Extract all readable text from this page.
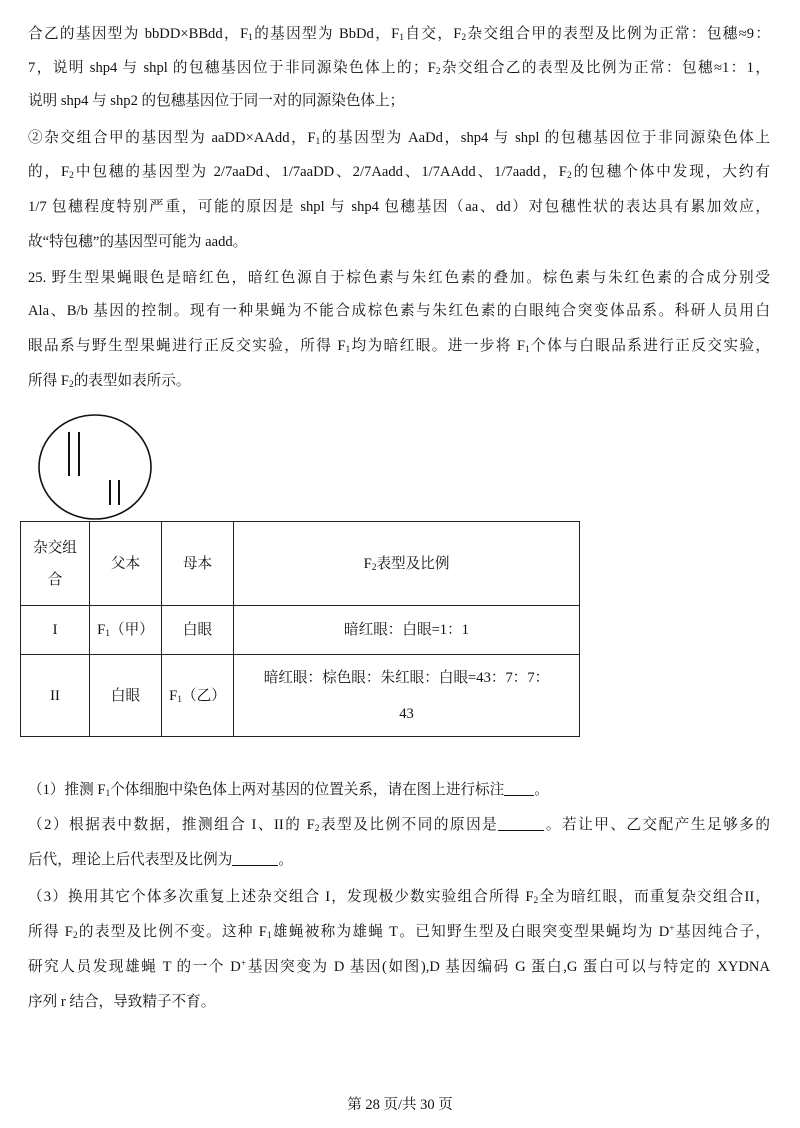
合乙的基因型为 bbDD×BBdd，$F_1$的基因型为 BbDd，$F_1$自交，$F_2$杂交组合甲的表型及比例为正常：包穗≈9：
7，说明 shp4 与 shpl 的包穗基因位于非同源染色体上的；$F_2$杂交组合乙的表型及比例为正常：包穗≈1：1，
说明 shp4 与 shp2 的包穗基因位于同一对的同源染色体上；
②杂交组合甲的基因型为 aaDD×AAdd，$F_1$的基因型为 AaDd，shp4 与 shpl 的包穗基因位于非同源染色体上
的，$F_2$中包穗的基因型为 2/7aaDd、1/7aaDD、2/7Aadd、1/7AAdd、1/7aadd，$F_2$的包穗个体中发现，大约有
1/7 包穗程度特别严重，可能的原因是 shpl 与 shp4 包穗基因（aa、dd）对包穗性状的表达具有累加效应，
故“特包穗”的基因型可能为 aadd。
25. 野生型果蝇眼色是暗红色，暗红色源自于棕色素与朱红色素的叠加。棕色素与朱红色素的合成分别受
Ala、B/b 基因的控制。现有一种果蝇为不能合成棕色素与朱红色素的白眼纯合突变体品系。科研人员用白
眼品系与野生型果蝇进行正反交实验，所得 $F_1$均为暗红眼。进一步将 $F_1$个体与白眼品系进行正反交实验，
所得 $F_2$的表型如表所示。
杂交组
合	父本	母本	$F_2$表型及比例
I	$F_1$（甲）	白眼	暗红眼：白眼=1：1
II	白眼	$F_1$（乙）	暗红眼：棕色眼：朱红眼：白眼=43：7：7：
43
（1）推测 $F_1$个体细胞中染色体上两对基因的位置关系，请在图上进行标注 。
（2）根据表中数据，推测组合 I、II的 $F_2$表型及比例不同的原因是	。若让甲、乙交配产生足够多的
后代，理论上后代表型及比例为	。
（3）换用其它个体多次重复上述杂交组合 I，发现极少数实验组合所得 $F_2$全为暗红眼，而重复杂交组合II，
所得 $F_2$的表型及比例不变。这种 $F_1$雄蝇被称为雄蝇 T。已知野生型及白眼突变型果蝇均为 D+基因纯合子，
研究人员发现雄蝇 T 的一个 D+基因突变为 D 基因(如图),D 基因编码 G 蛋白,G 蛋白可以与特定的 XYDNA
序列 r 结合，导致精子不育。
第 28 页/共 30 页
